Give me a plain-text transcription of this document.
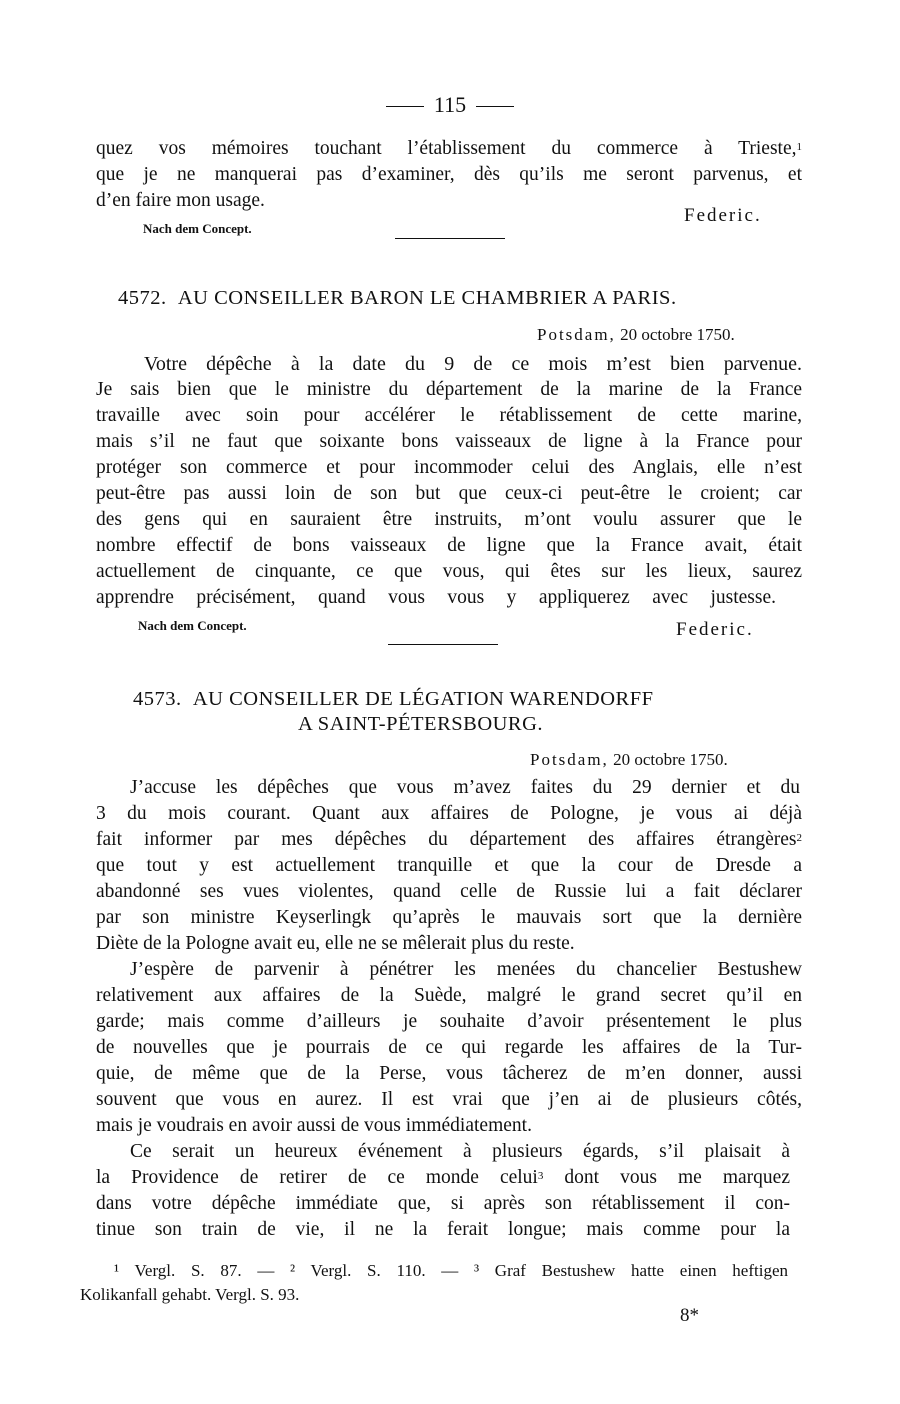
115
quez vos mémoires touchant l’établissement du commerce à Trieste,$^1$
que je ne manquerai pas d’examiner, dès qu’ils me seront parvenus, et
d’en faire mon usage.
Federic.
Nach dem Concept.
4572. AU CONSEILLER BARON LE CHAMBRIER A PARIS.
Potsdam, 20 octobre 1750.
Votre dépêche à la date du 9 de ce mois m’est bien parvenue.
Je sais bien que le ministre du département de la marine de la France
travaille avec soin pour accélérer le rétablissement de cette marine,
mais s’il ne faut que soixante bons vaisseaux de ligne à la France pour
protéger son commerce et pour incommoder celui des Anglais, elle n’est
peut-être pas aussi loin de son but que ceux-ci peut-être le croient; car
des gens qui en sauraient être instruits, m’ont voulu assurer que le
nombre effectif de bons vaisseaux de ligne que la France avait, était
actuellement de cinquante, ce que vous, qui êtes sur les lieux, saurez
apprendre précisément, quand vous vous y appliquerez avec justesse.
Nach dem Concept.	Federic.
4573. AU CONSEILLER DE LÉGATION WARENDORFF
A SAINT-PÉTERSBOURG.
Potsdam, 20 octobre 1750.
J’accuse les dépêches que vous m’avez faites du 29 dernier et du
3 du mois courant. Quant aux affaires de Pologne, je vous ai déjà
fait informer par mes dépêches du département des affaires étrangères$^2$
que tout y est actuellement tranquille et que la cour de Dresde a
abandonné ses vues violentes, quand celle de Russie lui a fait déclarer
par son ministre Keyserlingk qu’après le mauvais sort que la dernière
Diète de la Pologne avait eu, elle ne se mêlerait plus du reste.
J’espère de parvenir à pénétrer les menées du chancelier Bestushew
relativement aux affaires de la Suède, malgré le grand secret qu’il en
garde; mais comme d’ailleurs je souhaite d’avoir présentement le plus
de nouvelles que je pourrais de ce qui regarde les affaires de la Tur-
quie, de même que de la Perse, vous tâcherez de m’en donner, aussi
souvent que vous en aurez. Il est vrai que j’en ai de plusieurs côtés,
mais je voudrais en avoir aussi de vous immédiatement.
Ce serait un heureux événement à plusieurs égards, s’il plaisait à
la Providence de retirer de ce monde celui$^3$ dont vous me marquez
dans votre dépêche immédiate que, si après son rétablissement il con-
tinue son train de vie, il ne la ferait longue; mais comme pour la
¹ Vergl. S. 87. — ² Vergl. S. 110. — ³ Graf Bestushew hatte einen heftigen
Kolikanfall gehabt. Vergl. S. 93.
8*
